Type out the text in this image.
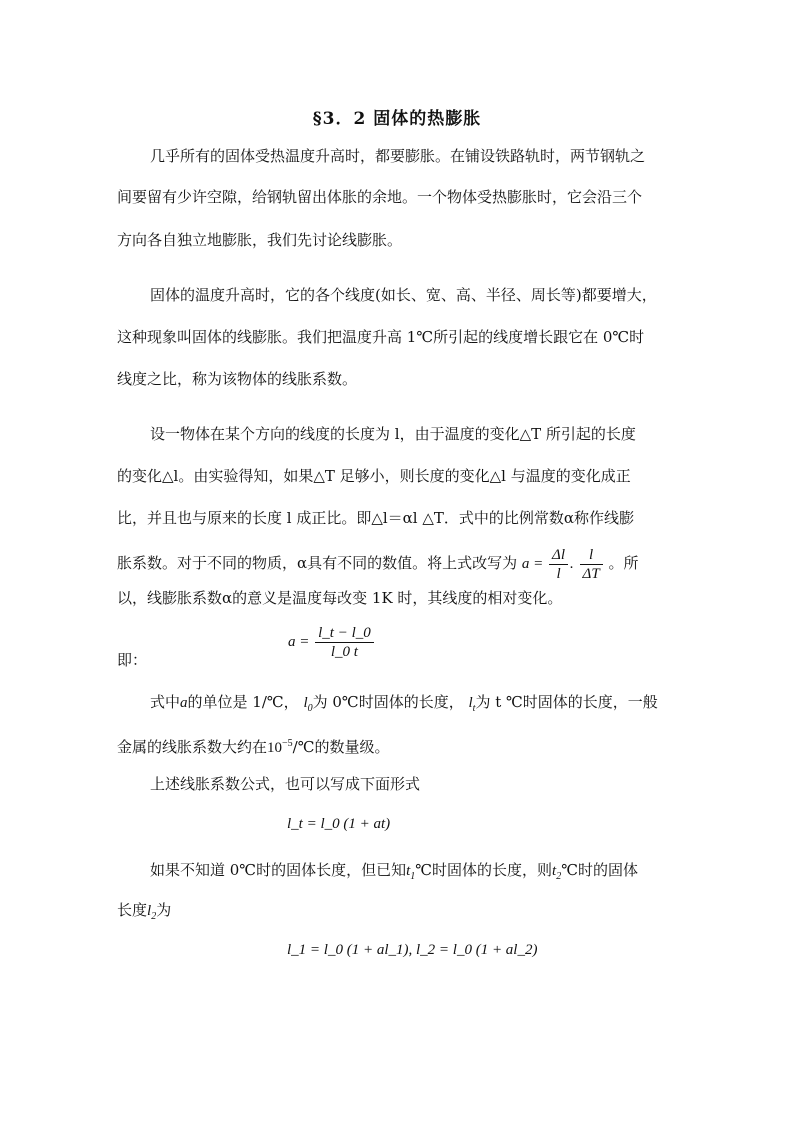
§3．2 固体的热膨胀
几乎所有的固体受热温度升高时，都要膨胀。在铺设铁路轨时，两节钢轨之
间要留有少许空隙，给钢轨留出体胀的余地。一个物体受热膨胀时，它会沿三个
方向各自独立地膨胀，我们先讨论线膨胀。
固体的温度升高时，它的各个线度(如长、宽、高、半径、周长等)都要增大，
这种现象叫固体的线膨胀。我们把温度升高 1℃所引起的线度增长跟它在 0℃时
线度之比，称为该物体的线胀系数。
设一物体在某个方向的线度的长度为 l，由于温度的变化△T 所引起的长度
的变化△l。由实验得知，如果△T 足够小，则长度的变化△l 与温度的变化成正
比，并且也与原来的长度 l 成正比。即△l＝αl △T．式中的比例常数α称作线膨
胀系数。对于不同的物质，α具有不同的数值。将上式改写为 $a = \frac{\Delta l}{l}$ . $\frac{l}{\Delta T}$ 。所
以，线膨胀系数α的意义是温度每改变 1K 时，其线度的相对变化。
即：
$a = \frac{l\_t - l\_0}{l\_0 t}$
式中a的单位是 1/℃， $l_0$为 0℃时固体的长度， $l_t$为 t ℃时固体的长度，一般
金属的线胀系数大约在$10^{-5}/℃$的数量级。
上述线胀系数公式，也可以写成下面形式
l_t = l_0 (1 + at)
如果不知道 0℃时的固体长度，但已知$t_1℃$时固体的长度，则$t_2℃$时的固体
长度$l_2$为
l_1 = l_0 (1 + al_1), l_2 = l_0 (1 + al_2)
